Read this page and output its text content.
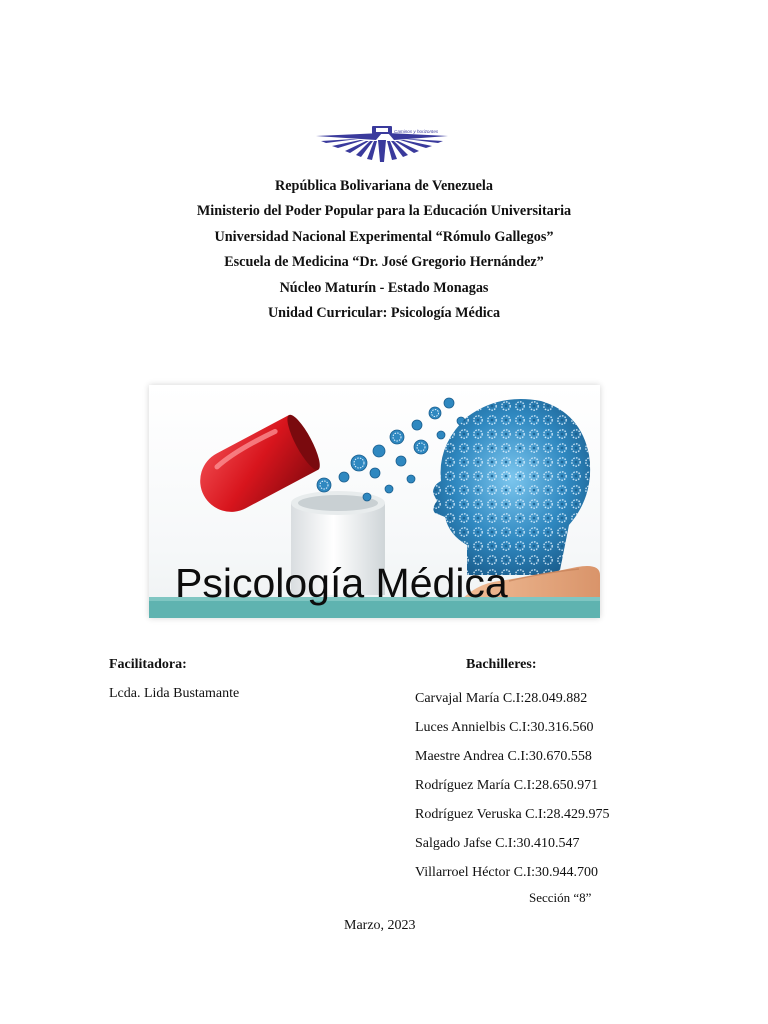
Caminos y horizontes
República Bolivariana de Venezuela
Ministerio del Poder Popular para la Educación Universitaria
Universidad Nacional Experimental “Rómulo Gallegos”
Escuela de Medicina “Dr. José Gregorio Hernández”
Núcleo Maturín - Estado Monagas
Unidad Curricular: Psicología Médica
Psicología Médica
Facilitadora:
Lcda. Lida Bustamante
Bachilleres:
Carvajal María C.I:28.049.882
Luces Annielbis C.I:30.316.560
Maestre Andrea C.I:30.670.558
Rodríguez María C.I:28.650.971
Rodríguez Veruska C.I:28.429.975
Salgado Jafse C.I:30.410.547
Villarroel Héctor C.I:30.944.700
Sección “8”
Marzo, 2023
